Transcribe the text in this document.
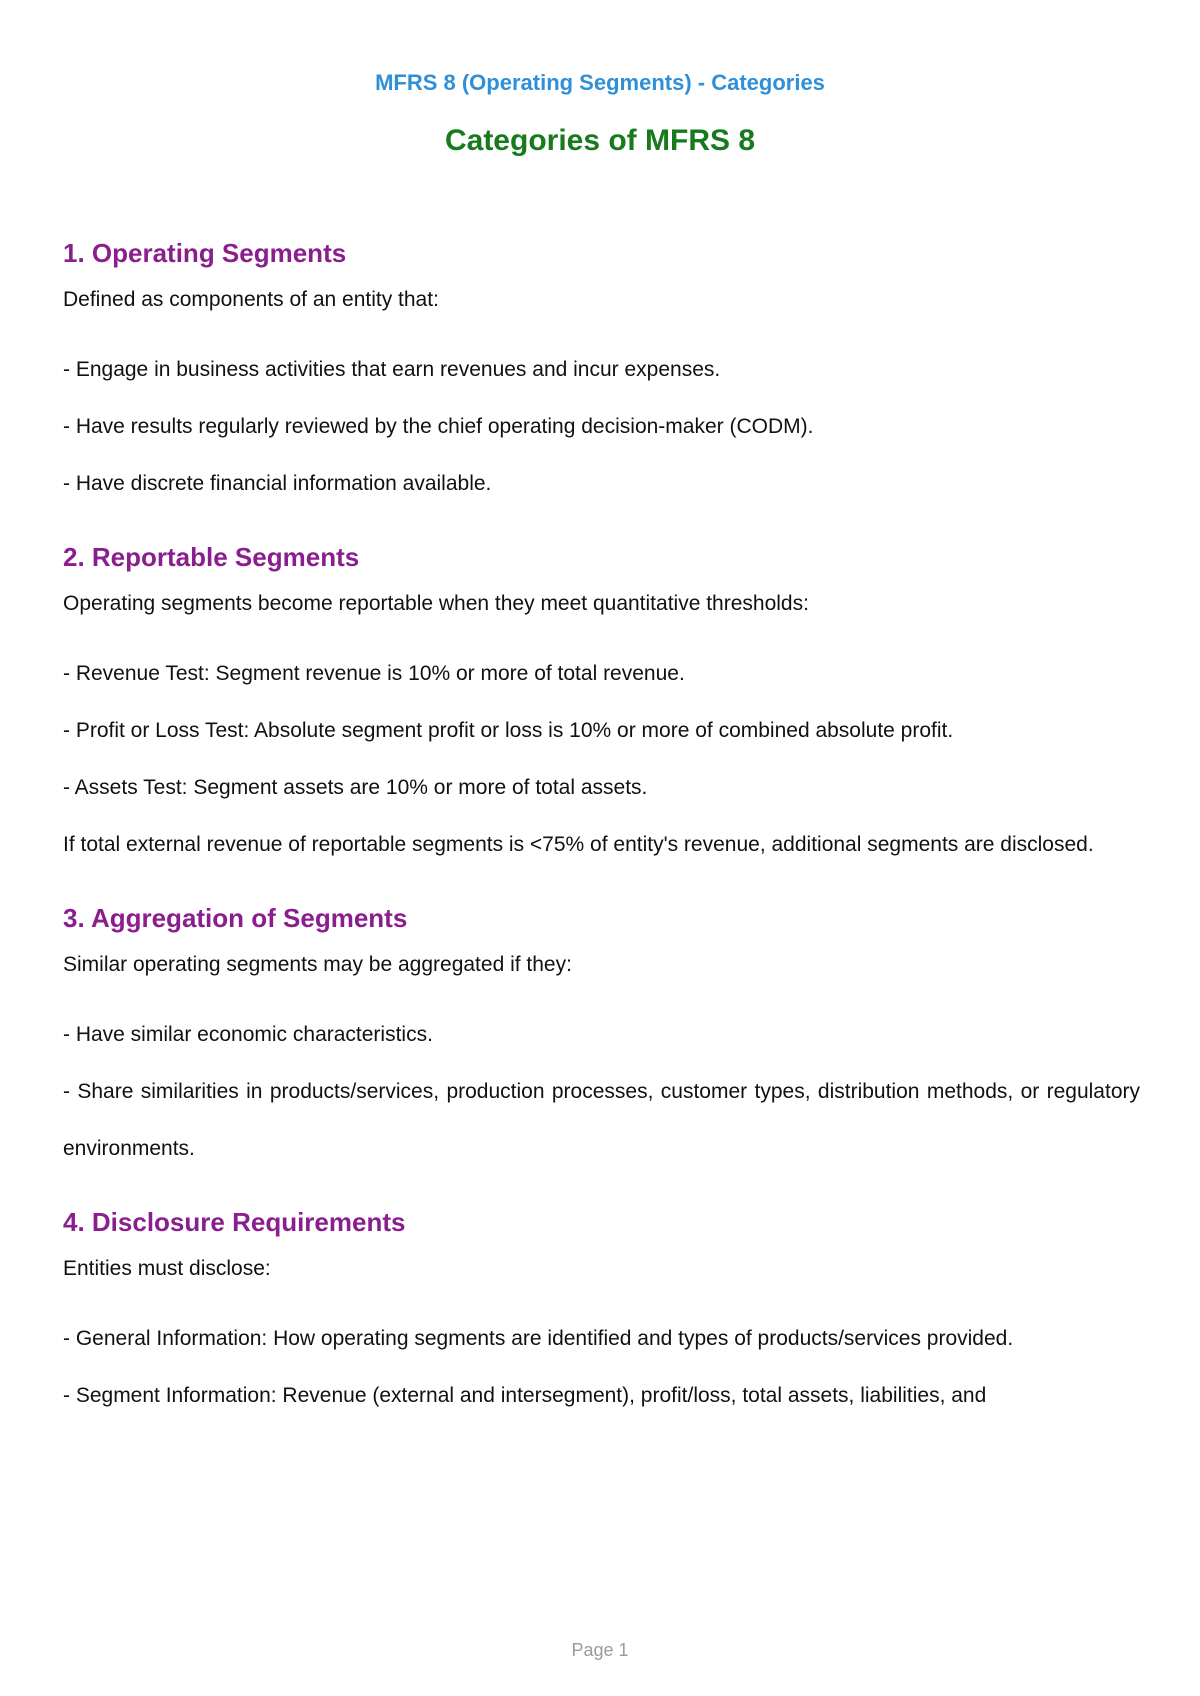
MFRS 8 (Operating Segments) - Categories
Categories of MFRS 8
1. Operating Segments

Defined as components of an entity that:

- Engage in business activities that earn revenues and incur expenses.
- Have results regularly reviewed by the chief operating decision-maker (CODM).
- Have discrete financial information available.
2. Reportable Segments

Operating segments become reportable when they meet quantitative thresholds:

- Revenue Test: Segment revenue is 10% or more of total revenue.
- Profit or Loss Test: Absolute segment profit or loss is 10% or more of combined absolute profit.
- Assets Test: Segment assets are 10% or more of total assets.
If total external revenue of reportable segments is <75% of entity's revenue, additional segments are disclosed.
3. Aggregation of Segments

Similar operating segments may be aggregated if they:

- Have similar economic characteristics.
- Share similarities in products/services, production processes, customer types, distribution methods, or regulatory environments.
4. Disclosure Requirements

Entities must disclose:

- General Information: How operating segments are identified and types of products/services provided.
- Segment Information: Revenue (external and intersegment), profit/loss, total assets, liabilities, and
Page 1
